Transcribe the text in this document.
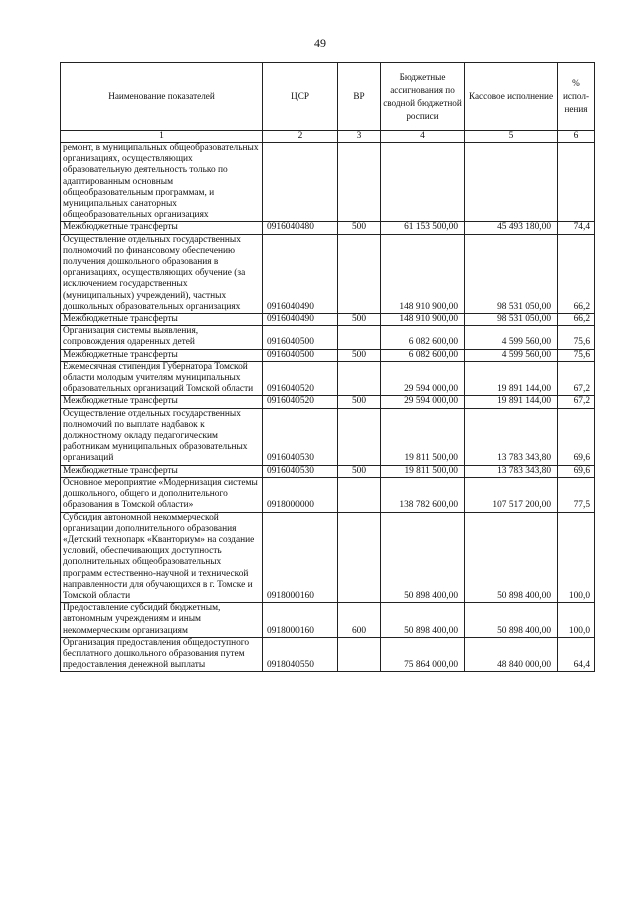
49
Наименование показателей	ЦСР	ВР	Бюджетные ассигнования по сводной бюджетной росписи	Кассовое исполнение	% испол-нения
1	2	3	4	5	6
ремонт, в муниципальных общеобразовательных организациях, осуществляющих образовательную деятельность только по адаптированным основным общеобразовательным программам, и муниципальных санаторных общеобразовательных организациях					
Межбюджетные трансферты	0916040480	500	61 153 500,00	45 493 180,00	74,4
Осуществление отдельных государственных полномочий по финансовому обеспечению получения дошкольного образования в организациях, осуществляющих обучение (за исключением государственных (муниципальных) учреждений), частных дошкольных образовательных организациях	0916040490		148 910 900,00	98 531 050,00	66,2
Межбюджетные трансферты	0916040490	500	148 910 900,00	98 531 050,00	66,2
Организация системы выявления, сопровождения одаренных детей	0916040500		6 082 600,00	4 599 560,00	75,6
Межбюджетные трансферты	0916040500	500	6 082 600,00	4 599 560,00	75,6
Ежемесячная стипендия Губернатора Томской области молодым учителям муниципальных образовательных организаций Томской области	0916040520		29 594 000,00	19 891 144,00	67,2
Межбюджетные трансферты	0916040520	500	29 594 000,00	19 891 144,00	67,2
Осуществление отдельных государственных полномочий по выплате надбавок к должностному окладу педагогическим работникам муниципальных образовательных организаций	0916040530		19 811 500,00	13 783 343,80	69,6
Межбюджетные трансферты	0916040530	500	19 811 500,00	13 783 343,80	69,6
Основное мероприятие «Модернизация системы дошкольного, общего и дополнительного образования в Томской области»	0918000000		138 782 600,00	107 517 200,00	77,5
Субсидия автономной некоммерческой организации дополнительного образования «Детский технопарк «Кванториум» на создание условий, обеспечивающих доступность дополнительных общеобразовательных программ естественно-научной и технической направленности для обучающихся в г. Томске и Томской области	0918000160		50 898 400,00	50 898 400,00	100,0
Предоставление субсидий бюджетным, автономным учреждениям и иным некоммерческим организациям	0918000160	600	50 898 400,00	50 898 400,00	100,0
Организация предоставления общедоступного бесплатного дошкольного образования путем предоставления денежной выплаты	0918040550		75 864 000,00	48 840 000,00	64,4
